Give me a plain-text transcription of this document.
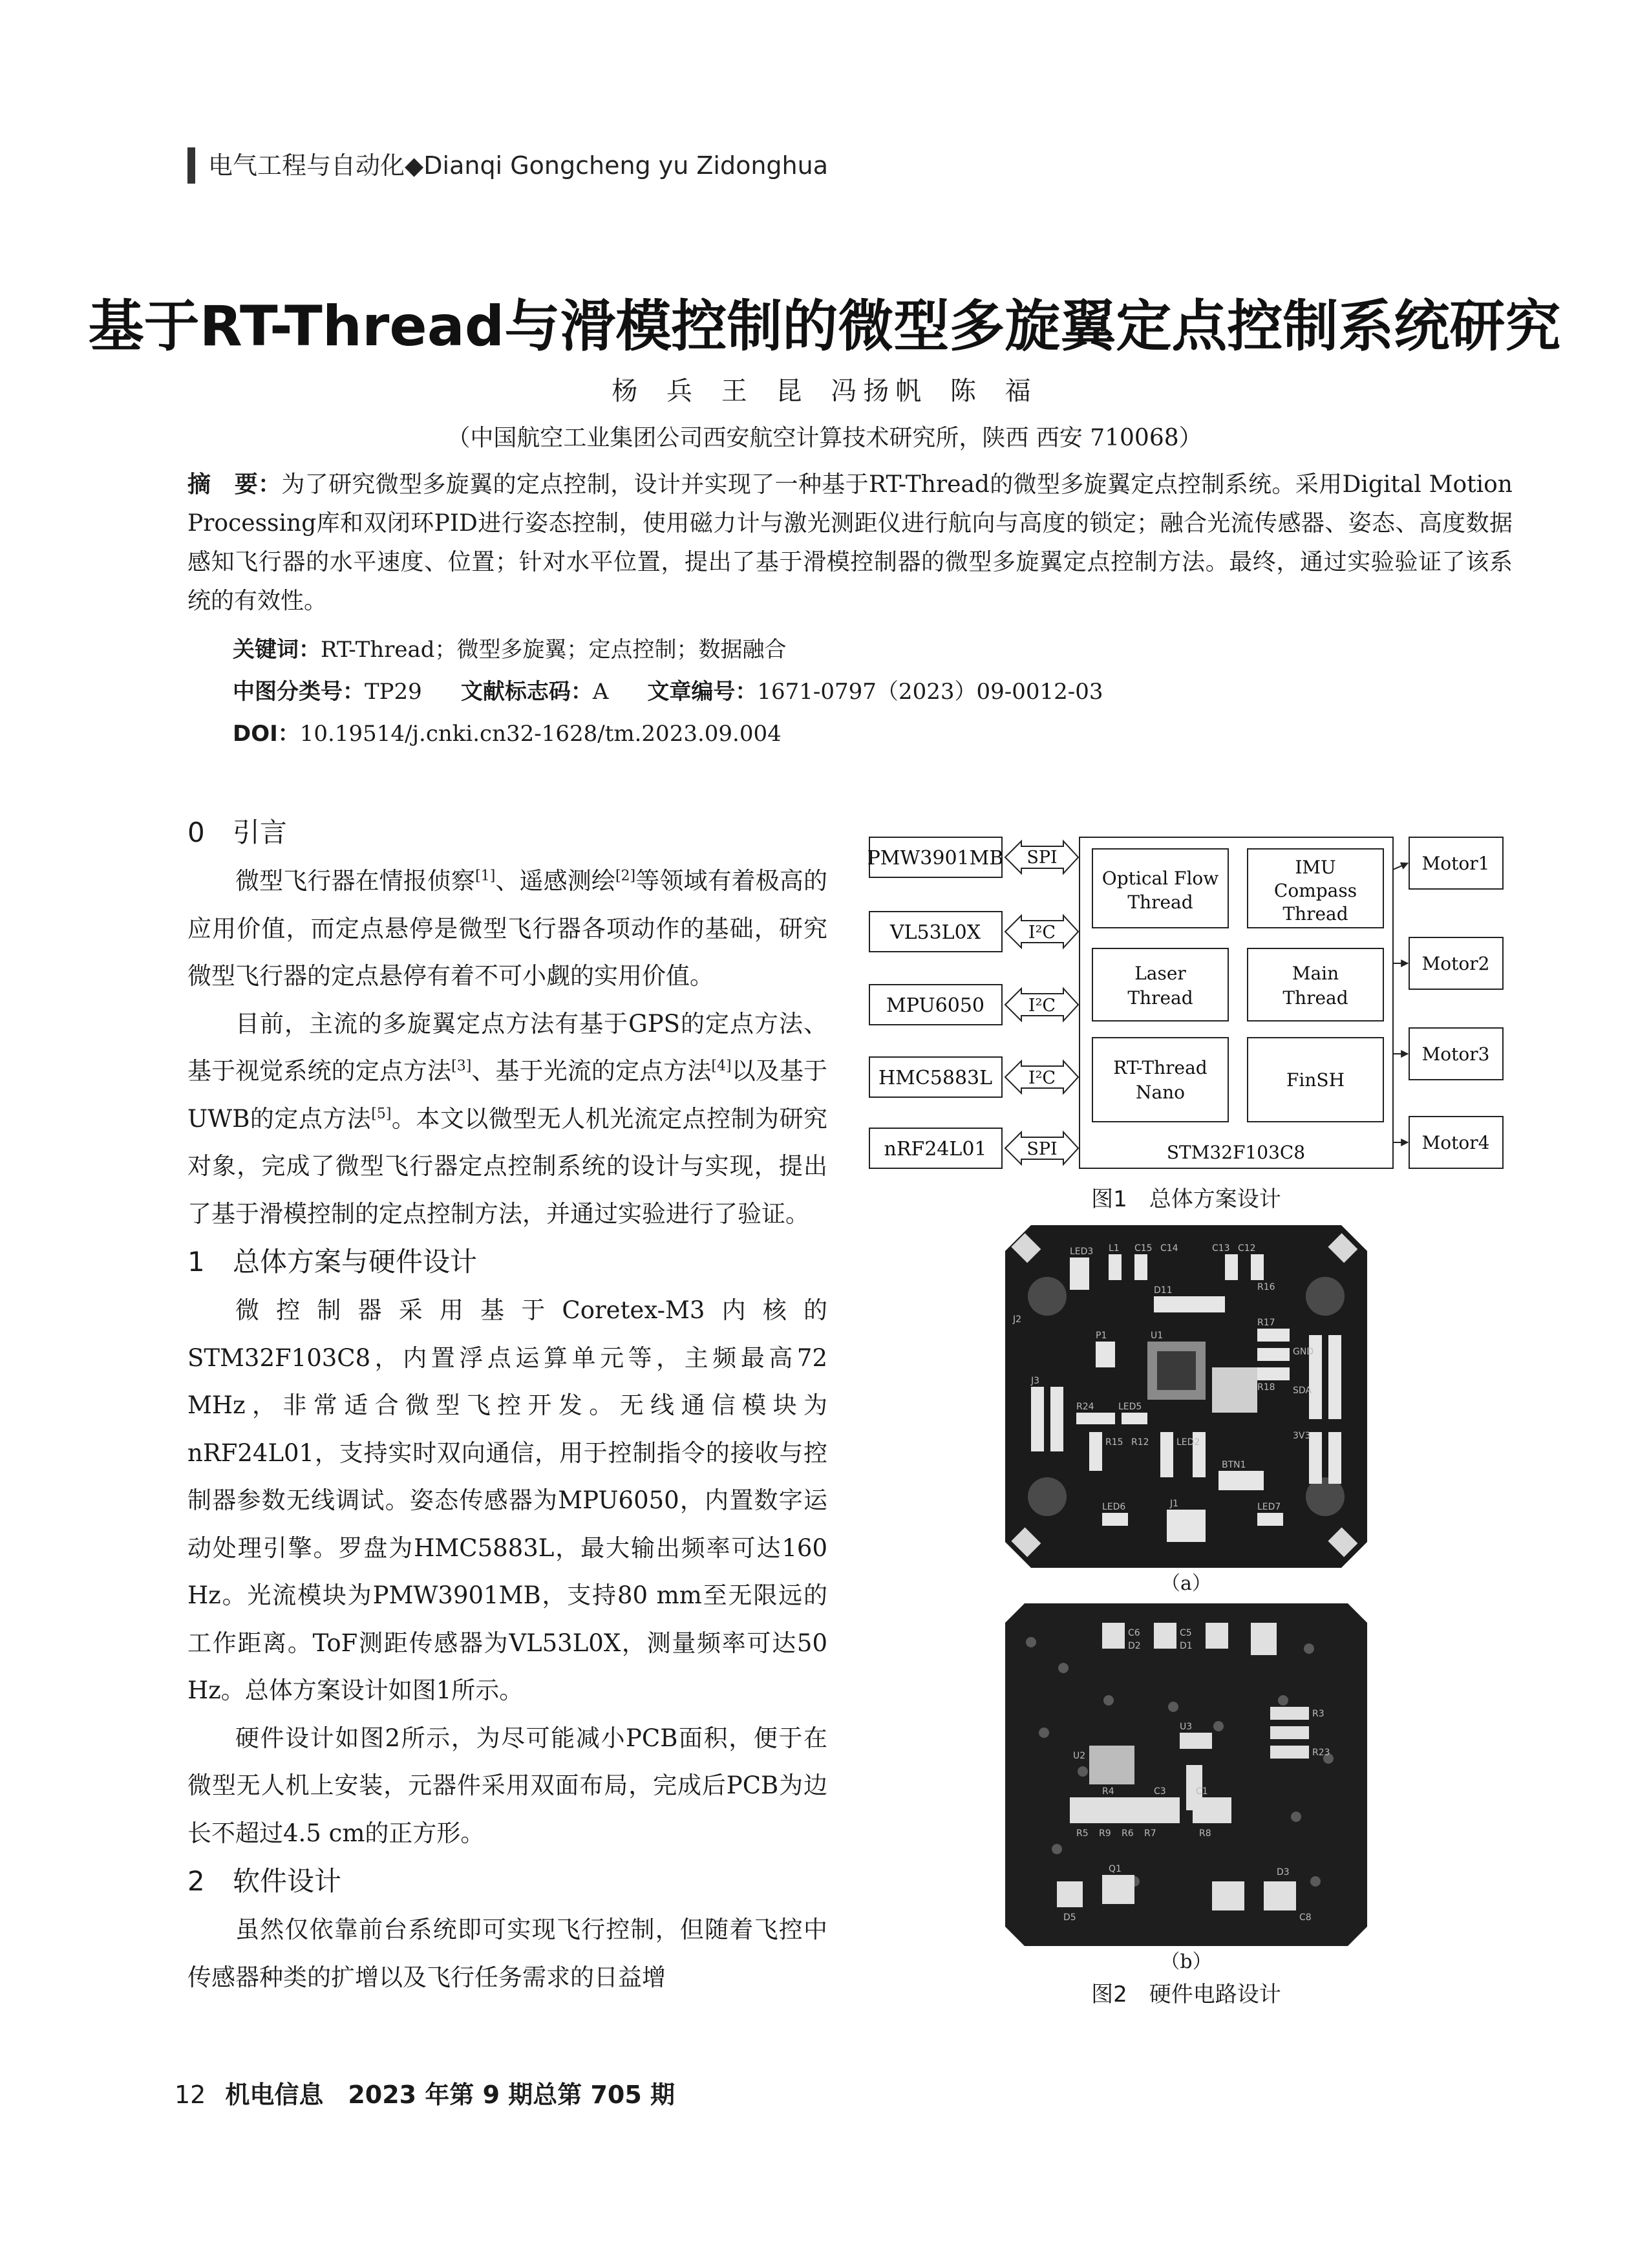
电气工程与自动化◆Dianqi Gongcheng yu Zidonghua
基于RT-Thread与滑模控制的微型多旋翼定点控制系统研究
杨 兵 王 昆 冯扬帆 陈 福
（中国航空工业集团公司西安航空计算技术研究所，陕西 西安 710068）
摘　要：为了研究微型多旋翼的定点控制，设计并实现了一种基于RT-Thread的微型多旋翼定点控制系统。采用Digital Motion Processing库和双闭环PID进行姿态控制，使用磁力计与激光测距仪进行航向与高度的锁定；融合光流传感器、姿态、高度数据感知飞行器的水平速度、位置；针对水平位置，提出了基于滑模控制器的微型多旋翼定点控制方法。最终，通过实验验证了该系统的有效性。
关键词：RT-Thread；微型多旋翼；定点控制；数据融合
中图分类号：TP29 文献标志码：A 文章编号：1671-0797（2023）09-0012-03
DOI：10.19514/j.cnki.cn32-1628/tm.2023.09.004
0 引言

微型飞行器在情报侦察[1]、遥感测绘[2]等领域有着极高的应用价值，而定点悬停是微型飞行器各项动作的基础，研究微型飞行器的定点悬停有着不可小觑的实用价值。

目前，主流的多旋翼定点方法有基于GPS的定点方法、基于视觉系统的定点方法[3]、基于光流的定点方法[4]以及基于UWB的定点方法[5]。本文以微型无人机光流定点控制为研究对象，完成了微型飞行器定点控制系统的设计与实现，提出了基于滑模控制的定点控制方法，并通过实验进行了验证。

1 总体方案与硬件设计

微控制器采用基于Coretex-M3内核的STM32F103C8，内置浮点运算单元等，主频最高72 MHz，非常适合微型飞控开发。无线通信模块为nRF24L01，支持实时双向通信，用于控制指令的接收与控制器参数无线调试。姿态传感器为MPU6050，内置数字运动处理引擎。罗盘为HMC5883L，最大输出频率可达160 Hz。光流模块为PMW3901MB，支持80 mm至无限远的工作距离。ToF测距传感器为VL53L0X，测量频率可达50 Hz。总体方案设计如图1所示。

硬件设计如图2所示，为尽可能减小PCB面积，便于在微型无人机上安装，元器件采用双面布局，完成后PCB为边长不超过4.5 cm的正方形。

2 软件设计

虽然仅依靠前台系统即可实现飞行控制，但随着飞控中传感器种类的扩增以及飞行任务需求的日益增

PMW3901MB
VL53L0X
MPU6050
HMC5883L
nRF24L01
SPI
I²C
I²C
I²C
SPI
Optical Flow
Thread
IMU
Compass
Thread
Laser
Thread
Main
Thread
RT-Thread
Nano
FinSH
STM32F103C8
Motor1
Motor2
Motor3
Motor4
图1　总体方案设计
LED3 L1 C15 C14	C13 C12
R16
D11
R17
R18
U1
P1
J2
J3
R24	LED5
R15 R12	LED2
BTN1
LED6	J1	LED7
GND
3V3
SDA
（a）
C6	C5
D2	D1
U2
U3
R3
R23
R4	C3
R5 R9 R6 R7
C1
C8
D5
D3
R8
Q1
（b）
图2　硬件电路设计
12 机电信息　2023 年第 9 期总第 705 期
